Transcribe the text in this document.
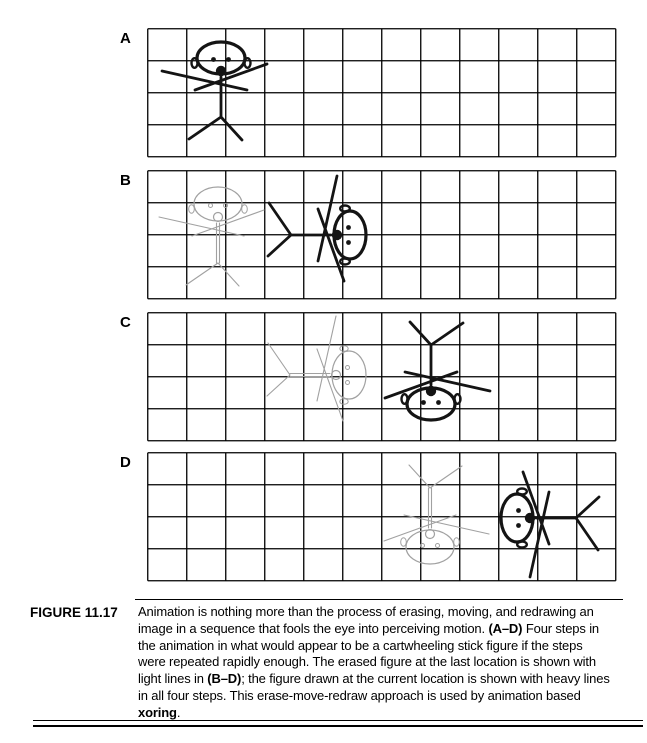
FIGURE 11.17 Animation is nothing more than the process of erasing, moving, and redrawing an
image in a sequence that fools the eye into perceiving motion. (A–D) Four steps in
the animation in what would appear to be a cartwheeling stick figure if the steps
were repeated rapidly enough. The erased figure at the last location is shown with
light lines in (B–D); the figure drawn at the current location is shown with heavy lines
in all four steps. This erase-move-redraw approach is used by animation based
xoring.
A
B
C
D
